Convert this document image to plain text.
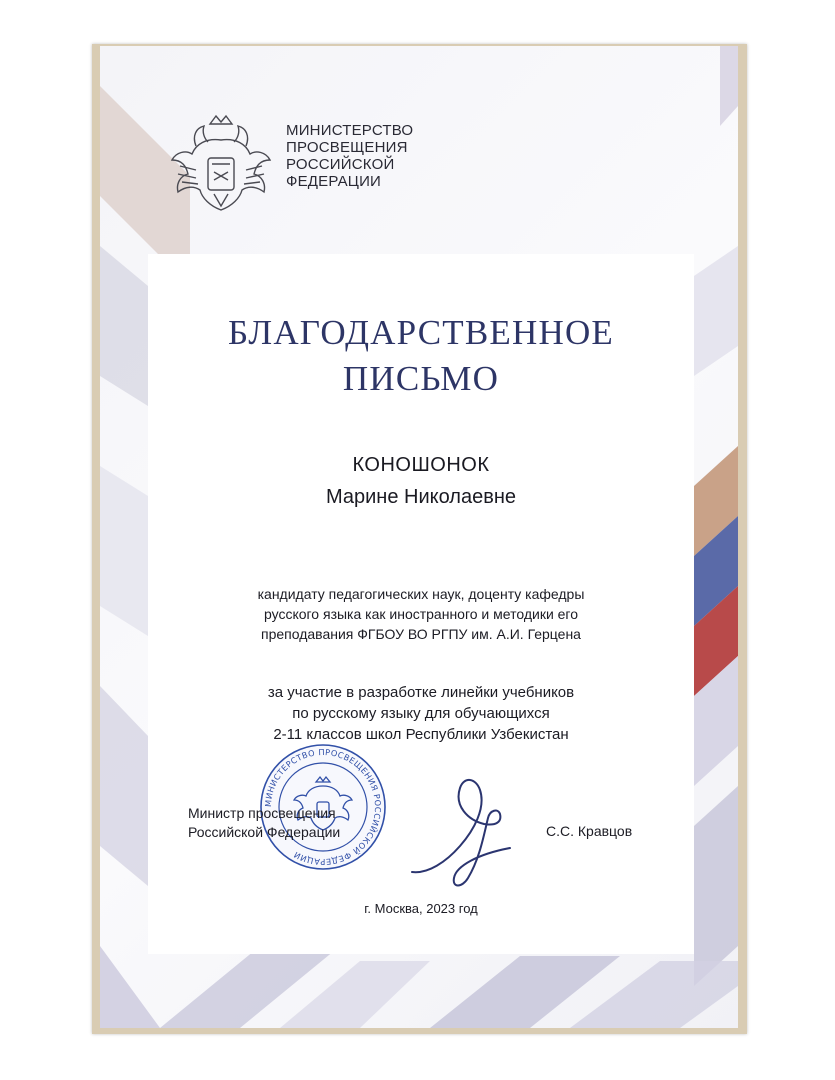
МИНИСТЕРСТВО
ПРОСВЕЩЕНИЯ
РОССИЙСКОЙ
ФЕДЕРАЦИИ

БЛАГОДАРСТВЕННОЕ
ПИСЬМО
КОНОШОНОК
Марине Николаевне
кандидату педагогических наук, доценту кафедры
русского языка как иностранного и методики его
преподавания ФГБОУ ВО РГПУ им. А.И. Герцена
за участие в разработке линейки учебников
по русскому языку для обучающихся
2-11 классов школ Республики Узбекистан
МИНИСТЕРСТВО ПРОСВЕЩЕНИЯ РОССИЙСКОЙ ФЕДЕРАЦИИ
Министр просвещения
Российской Федерации	С.С. Кравцов
г. Москва, 2023 год
